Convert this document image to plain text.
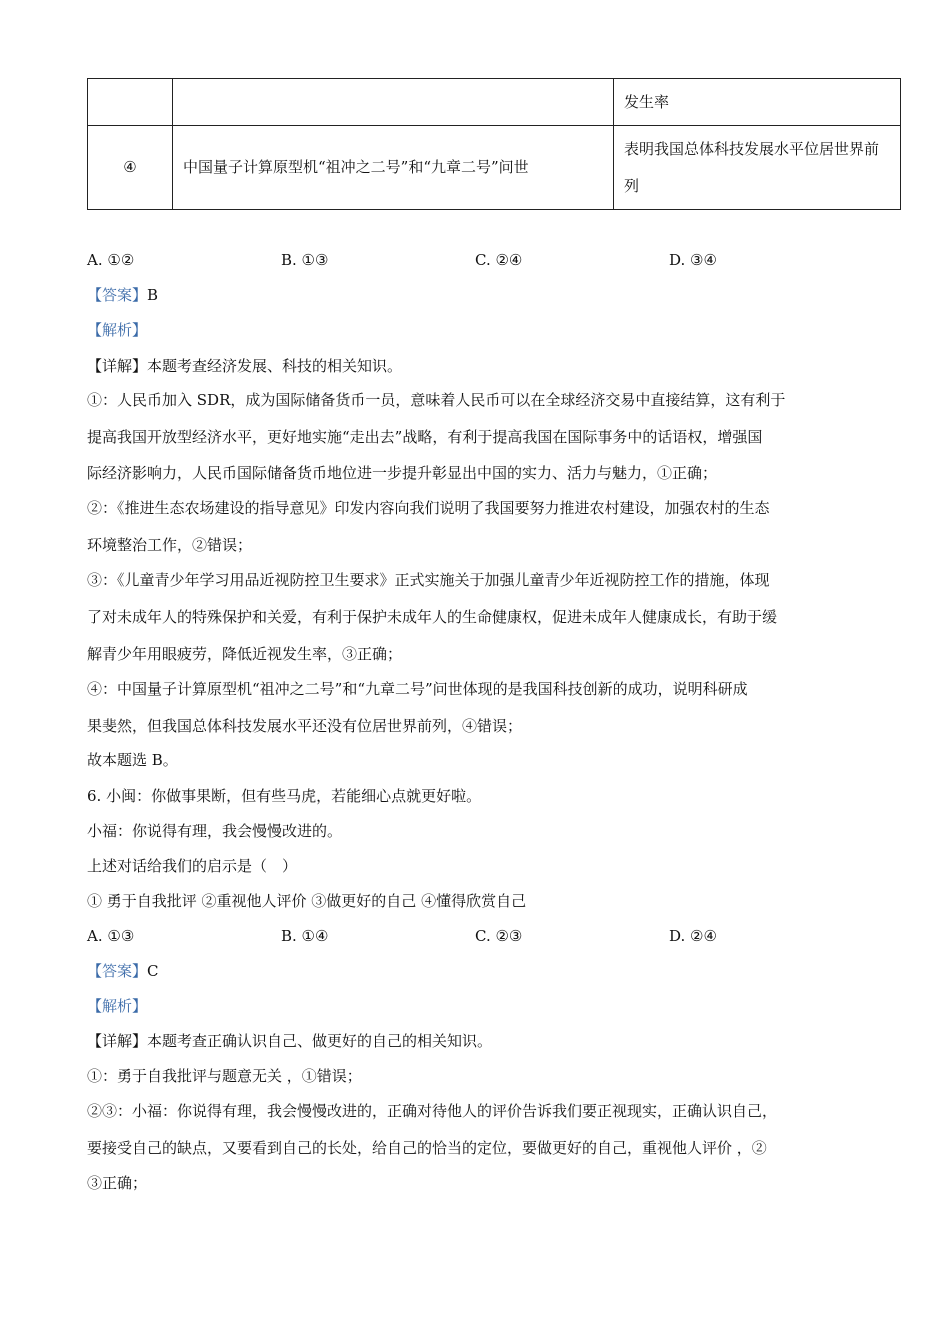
		发生率
④	中国量子计算原型机“祖冲之二号”和“九章二号”问世	表明我国总体科技发展水平位居世界前
列
A. ①②	B. ①③	C. ②④	D. ③④
【答案】B
【解析】
【详解】本题考查经济发展、科技的相关知识。
①：人民币加入 SDR，成为国际储备货币一员，意味着人民币可以在全球经济交易中直接结算，这有利于
提高我国开放型经济水平，更好地实施“走出去”战略，有利于提高我国在国际事务中的话语权，增强国
际经济影响力，人民币国际储备货币地位进一步提升彰显出中国的实力、活力与魅力，①正确；
②：《推进生态农场建设的指导意见》印发内容向我们说明了我国要努力推进农村建设，加强农村的生态
环境整治工作，②错误；
③：《儿童青少年学习用品近视防控卫生要求》正式实施关于加强儿童青少年近视防控工作的措施，体现
了对未成年人的特殊保护和关爱，有利于保护未成年人的生命健康权，促进未成年人健康成长，有助于缓
解青少年用眼疲劳，降低近视发生率，③正确；
④：中国量子计算原型机“祖冲之二号”和“九章二号”问世体现的是我国科技创新的成功，说明科研成
果斐然，但我国总体科技发展水平还没有位居世界前列，④错误；
故本题选 B。
6. 小闽：你做事果断，但有些马虎，若能细心点就更好啦。
小福：你说得有理，我会慢慢改进的。
上述对话给我们的启示是（　）
① 勇于自我批评 ②重视他人评价 ③做更好的自己 ④懂得欣赏自己
A. ①③	B. ①④	C. ②③	D. ②④
【答案】C
【解析】
【详解】本题考查正确认识自己、做更好的自己的相关知识。
①：勇于自我批评与题意无关 ，①错误；
②③：小福：你说得有理，我会慢慢改进的，正确对待他人的评价告诉我们要正视现实，正确认识自己，
要接受自己的缺点，又要看到自己的长处，给自己的恰当的定位，要做更好的自己，重视他人评价 ，②
③正确；
